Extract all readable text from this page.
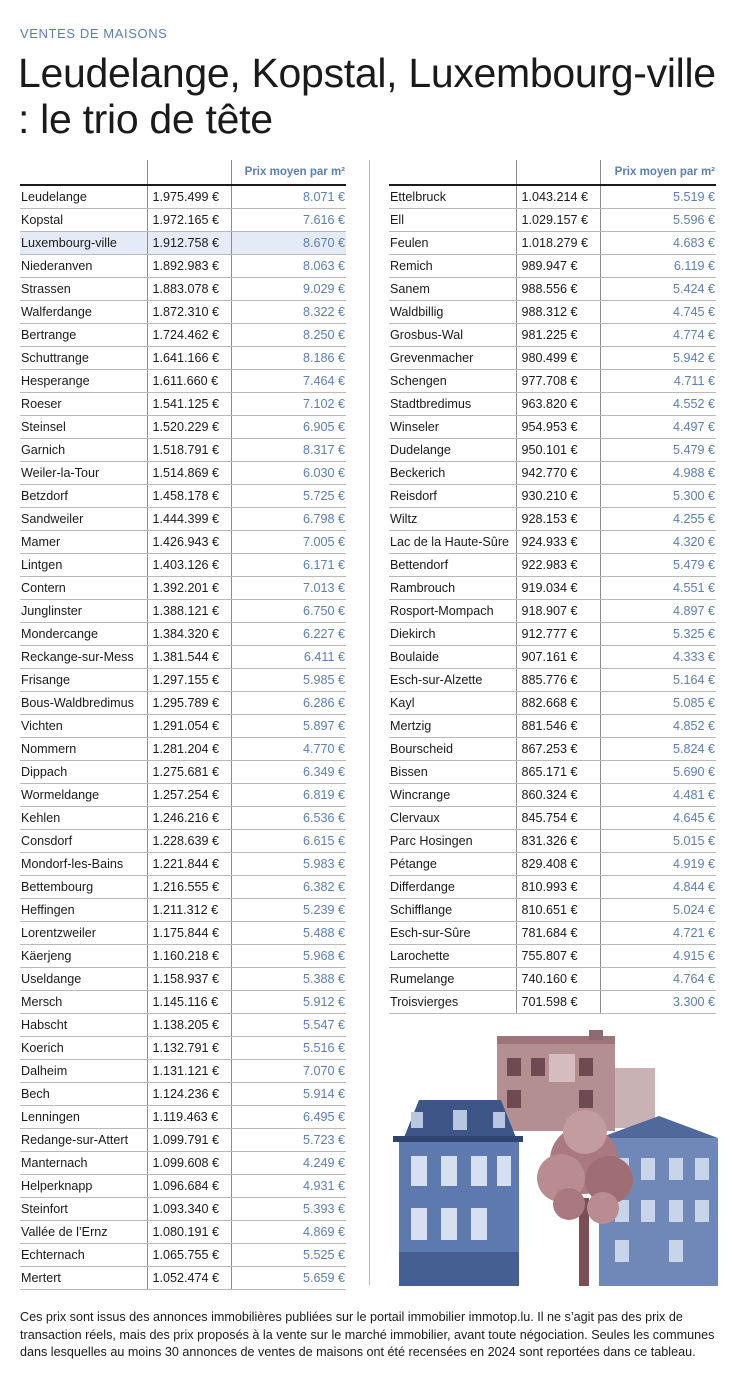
VENTES DE MAISONS
Leudelange, Kopstal, Luxembourg-ville : le trio de tête
		Prix moyen par m²
Leudelange	1.975.499 €	8.071 €
Kopstal	1.972.165 €	7.616 €
Luxembourg-ville	1.912.758 €	8.670 €
Niederanven	1.892.983 €	8.063 €
Strassen	1.883.078 €	9.029 €
Walferdange	1.872.310 €	8.322 €
Bertrange	1.724.462 €	8.250 €
Schuttrange	1.641.166 €	8.186 €
Hesperange	1.611.660 €	7.464 €
Roeser	1.541.125 €	7.102 €
Steinsel	1.520.229 €	6.905 €
Garnich	1.518.791 €	8.317 €
Weiler-la-Tour	1.514.869 €	6.030 €
Betzdorf	1.458.178 €	5.725 €
Sandweiler	1.444.399 €	6.798 €
Mamer	1.426.943 €	7.005 €
Lintgen	1.403.126 €	6.171 €
Contern	1.392.201 €	7.013 €
Junglinster	1.388.121 €	6.750 €
Mondercange	1.384.320 €	6.227 €
Reckange-sur-Mess	1.381.544 €	6.411 €
Frisange	1.297.155 €	5.985 €
Bous-Waldbredimus	1.295.789 €	6.286 €
Vichten	1.291.054 €	5.897 €
Nommern	1.281.204 €	4.770 €
Dippach	1.275.681 €	6.349 €
Wormeldange	1.257.254 €	6.819 €
Kehlen	1.246.216 €	6.536 €
Consdorf	1.228.639 €	6.615 €
Mondorf-les-Bains	1.221.844 €	5.983 €
Bettembourg	1.216.555 €	6.382 €
Heffingen	1.211.312 €	5.239 €
Lorentzweiler	1.175.844 €	5.488 €
Käerjeng	1.160.218 €	5.968 €
Useldange	1.158.937 €	5.388 €
Mersch	1.145.116 €	5.912 €
Habscht	1.138.205 €	5.547 €
Koerich	1.132.791 €	5.516 €
Dalheim	1.131.121 €	7.070 €
Bech	1.124.236 €	5.914 €
Lenningen	1.119.463 €	6.495 €
Redange-sur-Attert	1.099.791 €	5.723 €
Manternach	1.099.608 €	4.249 €
Helperknapp	1.096.684 €	4.931 €
Steinfort	1.093.340 €	5.393 €
Vallée de l’Ernz	1.080.191 €	4.869 €
Echternach	1.065.755 €	5.525 €
Mertert	1.052.474 €	5.659 €
		Prix moyen par m²
Ettelbruck	1.043.214 €	5.519 €
Ell	1.029.157 €	5.596 €
Feulen	1.018.279 €	4.683 €
Remich	989.947 €	6.119 €
Sanem	988.556 €	5.424 €
Waldbillig	988.312 €	4.745 €
Grosbus-Wal	981.225 €	4.774 €
Grevenmacher	980.499 €	5.942 €
Schengen	977.708 €	4.711 €
Stadtbredimus	963.820 €	4.552 €
Winseler	954.953 €	4.497 €
Dudelange	950.101 €	5.479 €
Beckerich	942.770 €	4.988 €
Reisdorf	930.210 €	5.300 €
Wiltz	928.153 €	4.255 €
Lac de la Haute-Sûre	924.933 €	4.320 €
Bettendorf	922.983 €	5.479 €
Rambrouch	919.034 €	4.551 €
Rosport-Mompach	918.907 €	4.897 €
Diekirch	912.777 €	5.325 €
Boulaide	907.161 €	4.333 €
Esch-sur-Alzette	885.776 €	5.164 €
Kayl	882.668 €	5.085 €
Mertzig	881.546 €	4.852 €
Bourscheid	867.253 €	5.824 €
Bissen	865.171 €	5.690 €
Wincrange	860.324 €	4.481 €
Clervaux	845.754 €	4.645 €
Parc Hosingen	831.326 €	5.015 €
Pétange	829.408 €	4.919 €
Differdange	810.993 €	4.844 €
Schifflange	810.651 €	5.024 €
Esch-sur-Sûre	781.684 €	4.721 €
Larochette	755.807 €	4.915 €
Rumelange	740.160 €	4.764 €
Troisvierges	701.598 €	3.300 €

Ces prix sont issus des annonces immobilières publiées sur le portail immobilier immotop.lu. Il ne s’agit pas des prix de transaction réels, mais des prix proposés à la vente sur le marché immobilier, avant toute négociation. Seules les communes dans lesquelles au moins 30 annonces de ventes de maisons ont été recensées en 2024 sont reportées dans ce tableau.
